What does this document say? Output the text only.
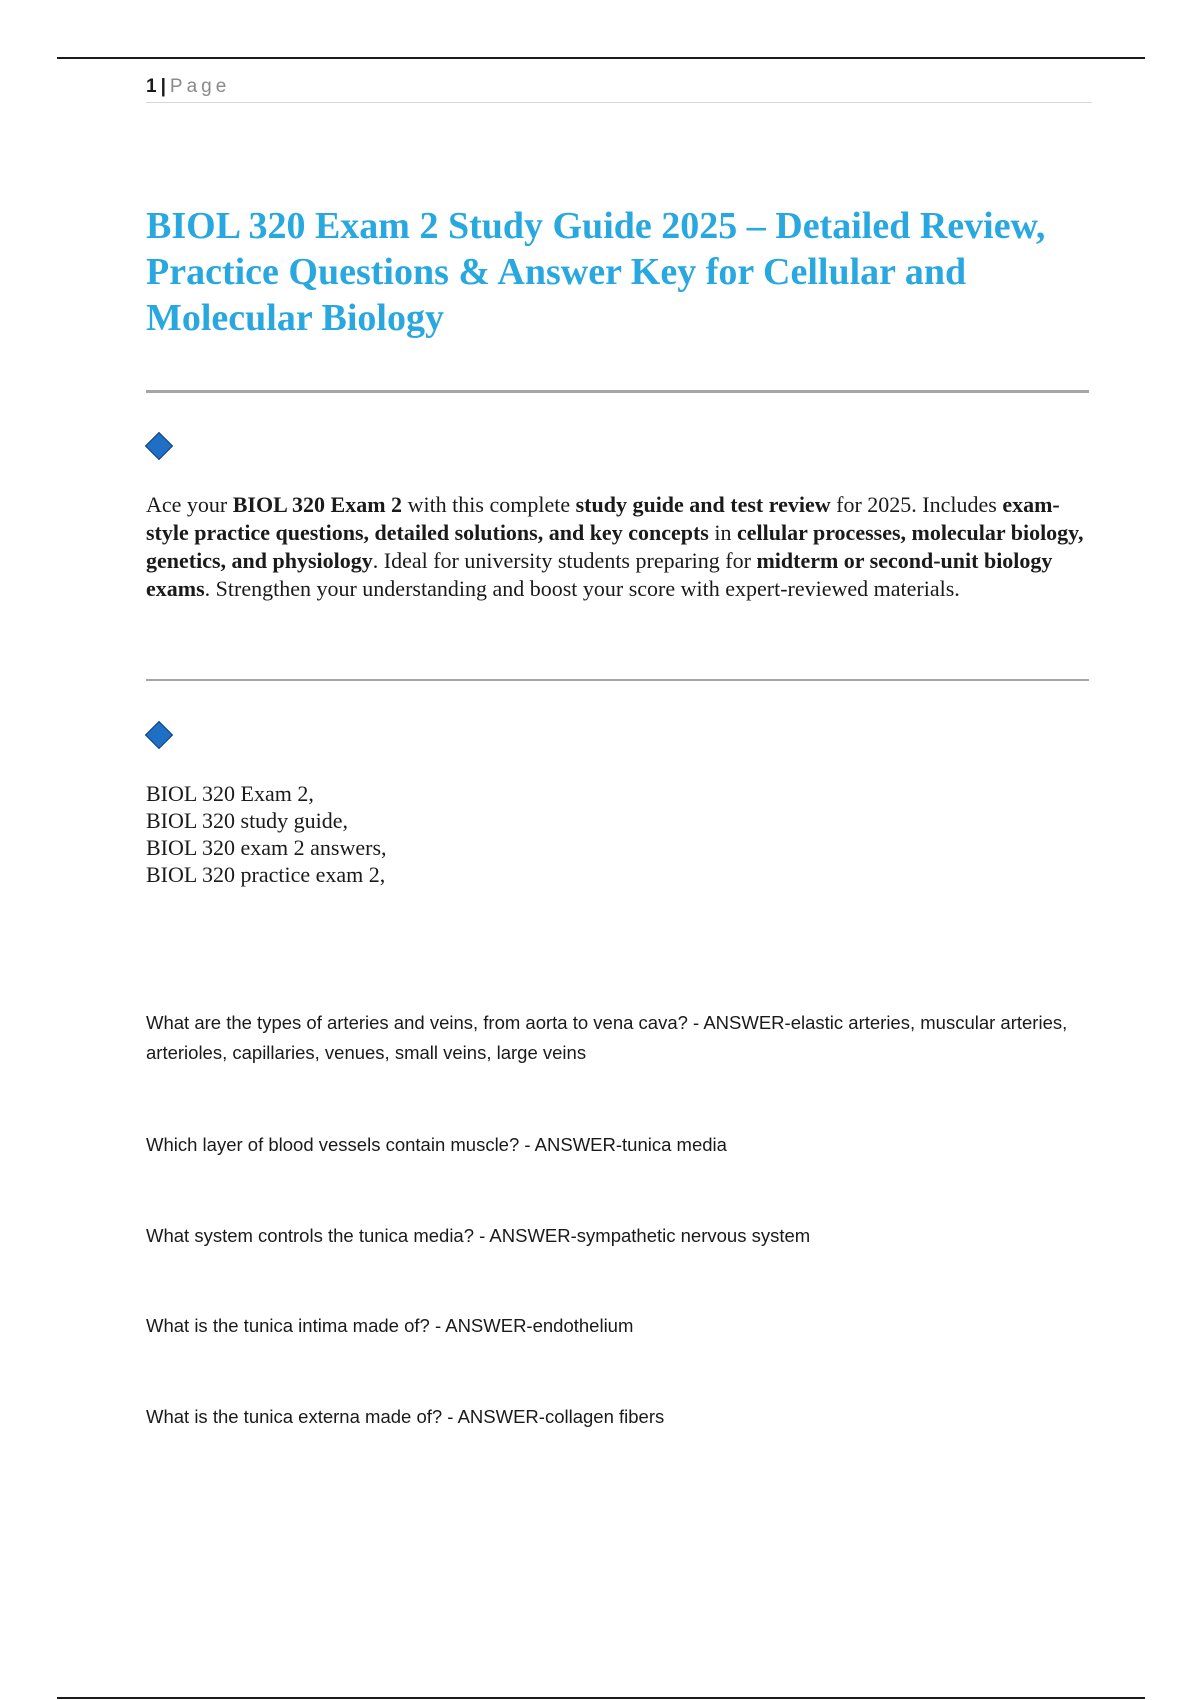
1 | Page
BIOL 320 Exam 2 Study Guide 2025 – Detailed Review, Practice Questions & Answer Key for Cellular and Molecular Biology

Ace your BIOL 320 Exam 2 with this complete study guide and test review for 2025. Includes exam-style practice questions, detailed solutions, and key concepts in cellular processes, molecular biology, genetics, and physiology. Ideal for university students preparing for midterm or second-unit biology exams. Strengthen your understanding and boost your score with expert-reviewed materials.

BIOL 320 Exam 2,
BIOL 320 study guide,
BIOL 320 exam 2 answers,
BIOL 320 practice exam 2,

What are the types of arteries and veins, from aorta to vena cava? - ANSWER-elastic arteries, muscular arteries, arterioles, capillaries, venues, small veins, large veins

Which layer of blood vessels contain muscle? - ANSWER-tunica media

What system controls the tunica media? - ANSWER-sympathetic nervous system

What is the tunica intima made of? - ANSWER-endothelium

What is the tunica externa made of? - ANSWER-collagen fibers
